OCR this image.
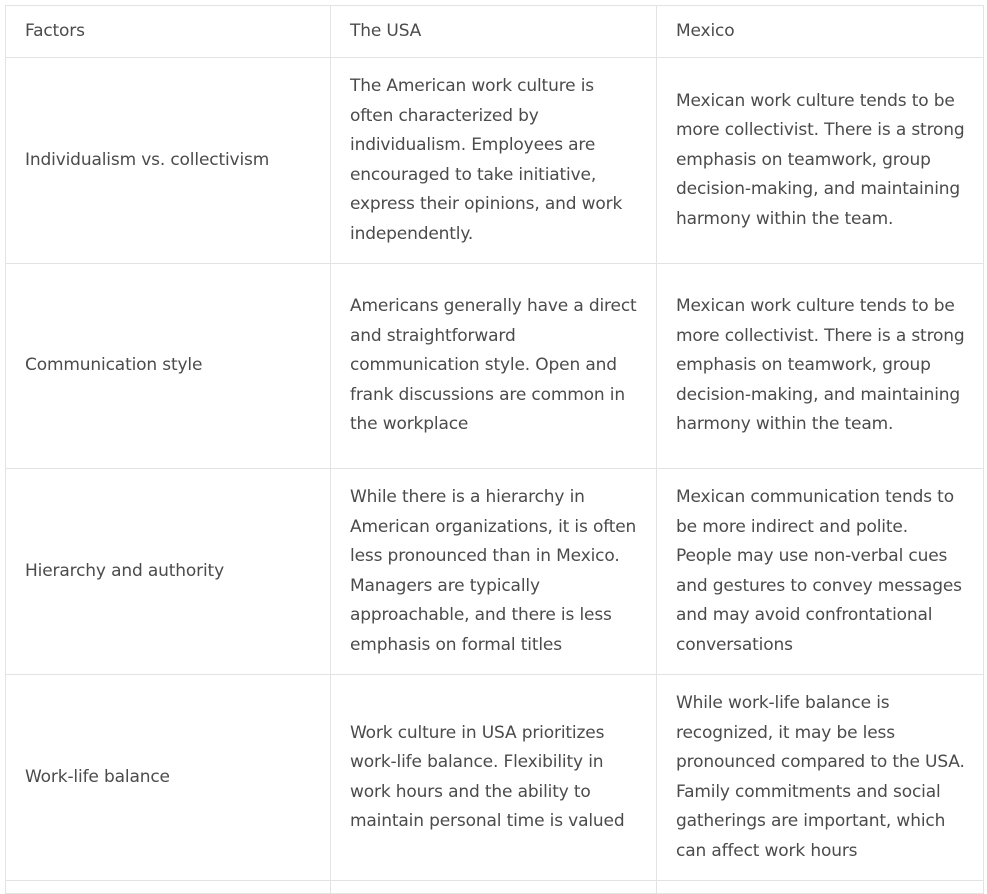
Factors	The USA	Mexico
Individualism vs. collectivism	The American work culture is often characterized by individualism. Employees are encouraged to take initiative, express their opinions, and work independently.	Mexican work culture tends to be more collectivist. There is a strong emphasis on teamwork, group decision-making, and maintaining harmony within the team.
Communication style	Americans generally have a direct and straightforward communication style. Open and frank discussions are common in the workplace	Mexican work culture tends to be more collectivist. There is a strong emphasis on teamwork, group decision-making, and maintaining harmony within the team.
Hierarchy and authority	While there is a hierarchy in American organizations, it is often less pronounced than in Mexico. Managers are typically approachable, and there is less emphasis on formal titles	Mexican communication tends to be more indirect and polite. People may use non-verbal cues and gestures to convey messages and may avoid confrontational conversations
Work-life balance	Work culture in USA prioritizes work-life balance. Flexibility in work hours and the ability to maintain personal time is valued	While work-life balance is recognized, it may be less pronounced compared to the USA. Family commitments and social gatherings are important, which can affect work hours
